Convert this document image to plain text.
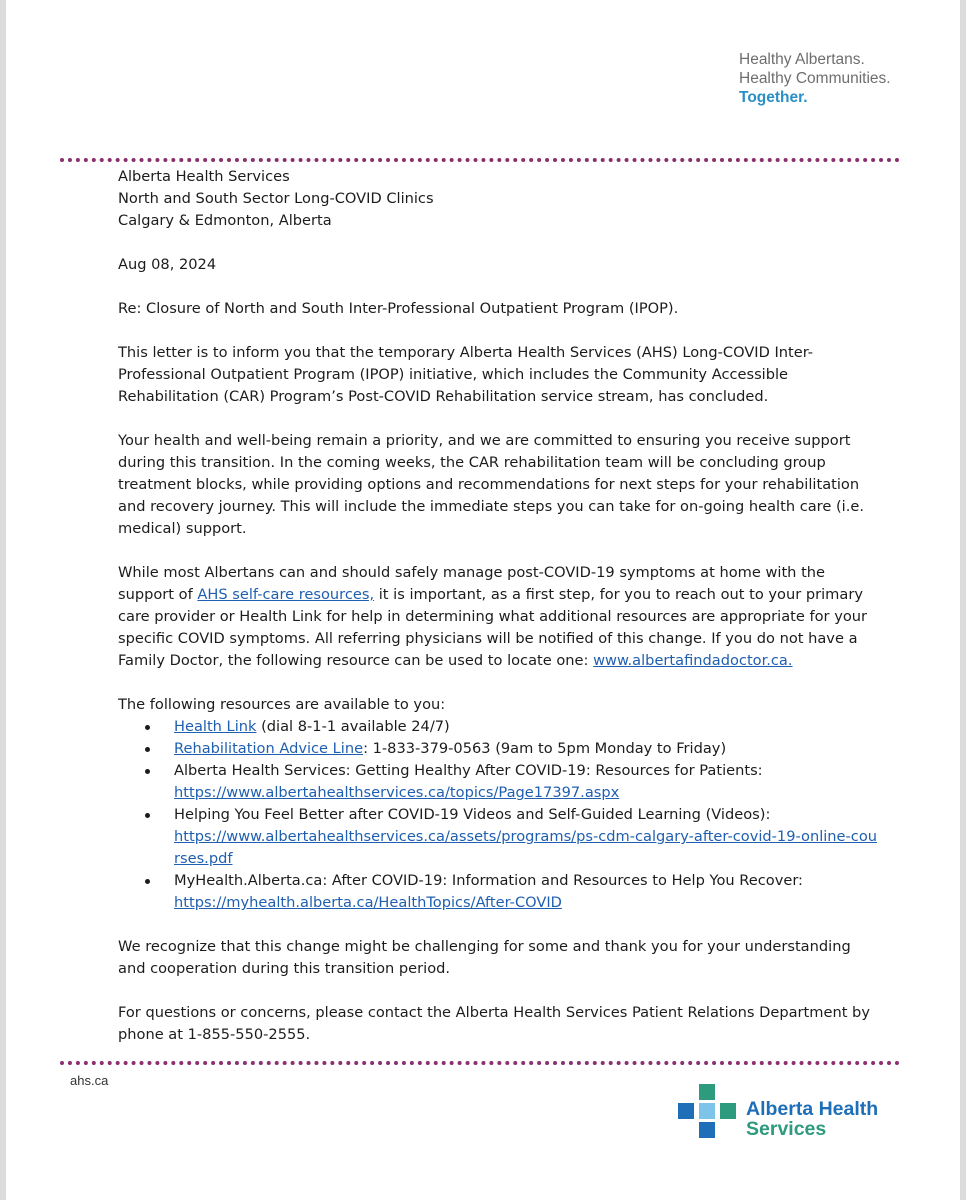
Healthy Albertans.
Healthy Communities.
Together.

Alberta Health Services
North and South Sector Long-COVID Clinics
Calgary & Edmonton, Alberta

Aug 08, 2024

Re: Closure of North and South Inter-Professional Outpatient Program (IPOP).

This letter is to inform you that the temporary Alberta Health Services (AHS) Long-COVID Inter-Professional Outpatient Program (IPOP) initiative, which includes the Community Accessible Rehabilitation (CAR) Program’s Post-COVID Rehabilitation service stream, has concluded.

Your health and well-being remain a priority, and we are committed to ensuring you receive support during this transition. In the coming weeks, the CAR rehabilitation team will be concluding group treatment blocks, while providing options and recommendations for next steps for your rehabilitation and recovery journey. This will include the immediate steps you can take for on-going health care (i.e. medical) support.

While most Albertans can and should safely manage post-COVID-19 symptoms at home with the support of AHS self-care resources, it is important, as a first step, for you to reach out to your primary care provider or Health Link for help in determining what additional resources are appropriate for your specific COVID symptoms. All referring physicians will be notified of this change. If you do not have a Family Doctor, the following resource can be used to locate one: www.albertafindadoctor.ca.

The following resources are available to you:
Health Link (dial 8-1-1 available 24/7)
Rehabilitation Advice Line: 1-833-379-0563 (9am to 5pm Monday to Friday)
Alberta Health Services: Getting Healthy After COVID-19: Resources for Patients:
https://www.albertahealthservices.ca/topics/Page17397.aspx
Helping You Feel Better after COVID-19 Videos and Self-Guided Learning (Videos):
https://www.albertahealthservices.ca/assets/programs/ps-cdm-calgary-after-covid-19-online-courses.pdf
MyHealth.Alberta.ca: After COVID-19: Information and Resources to Help You Recover:
https://myhealth.alberta.ca/HealthTopics/After-COVID

We recognize that this change might be challenging for some and thank you for your understanding and cooperation during this transition period.

For questions or concerns, please contact the Alberta Health Services Patient Relations Department by phone at 1-855-550-2555.

ahs.ca
Alberta Health
Services
